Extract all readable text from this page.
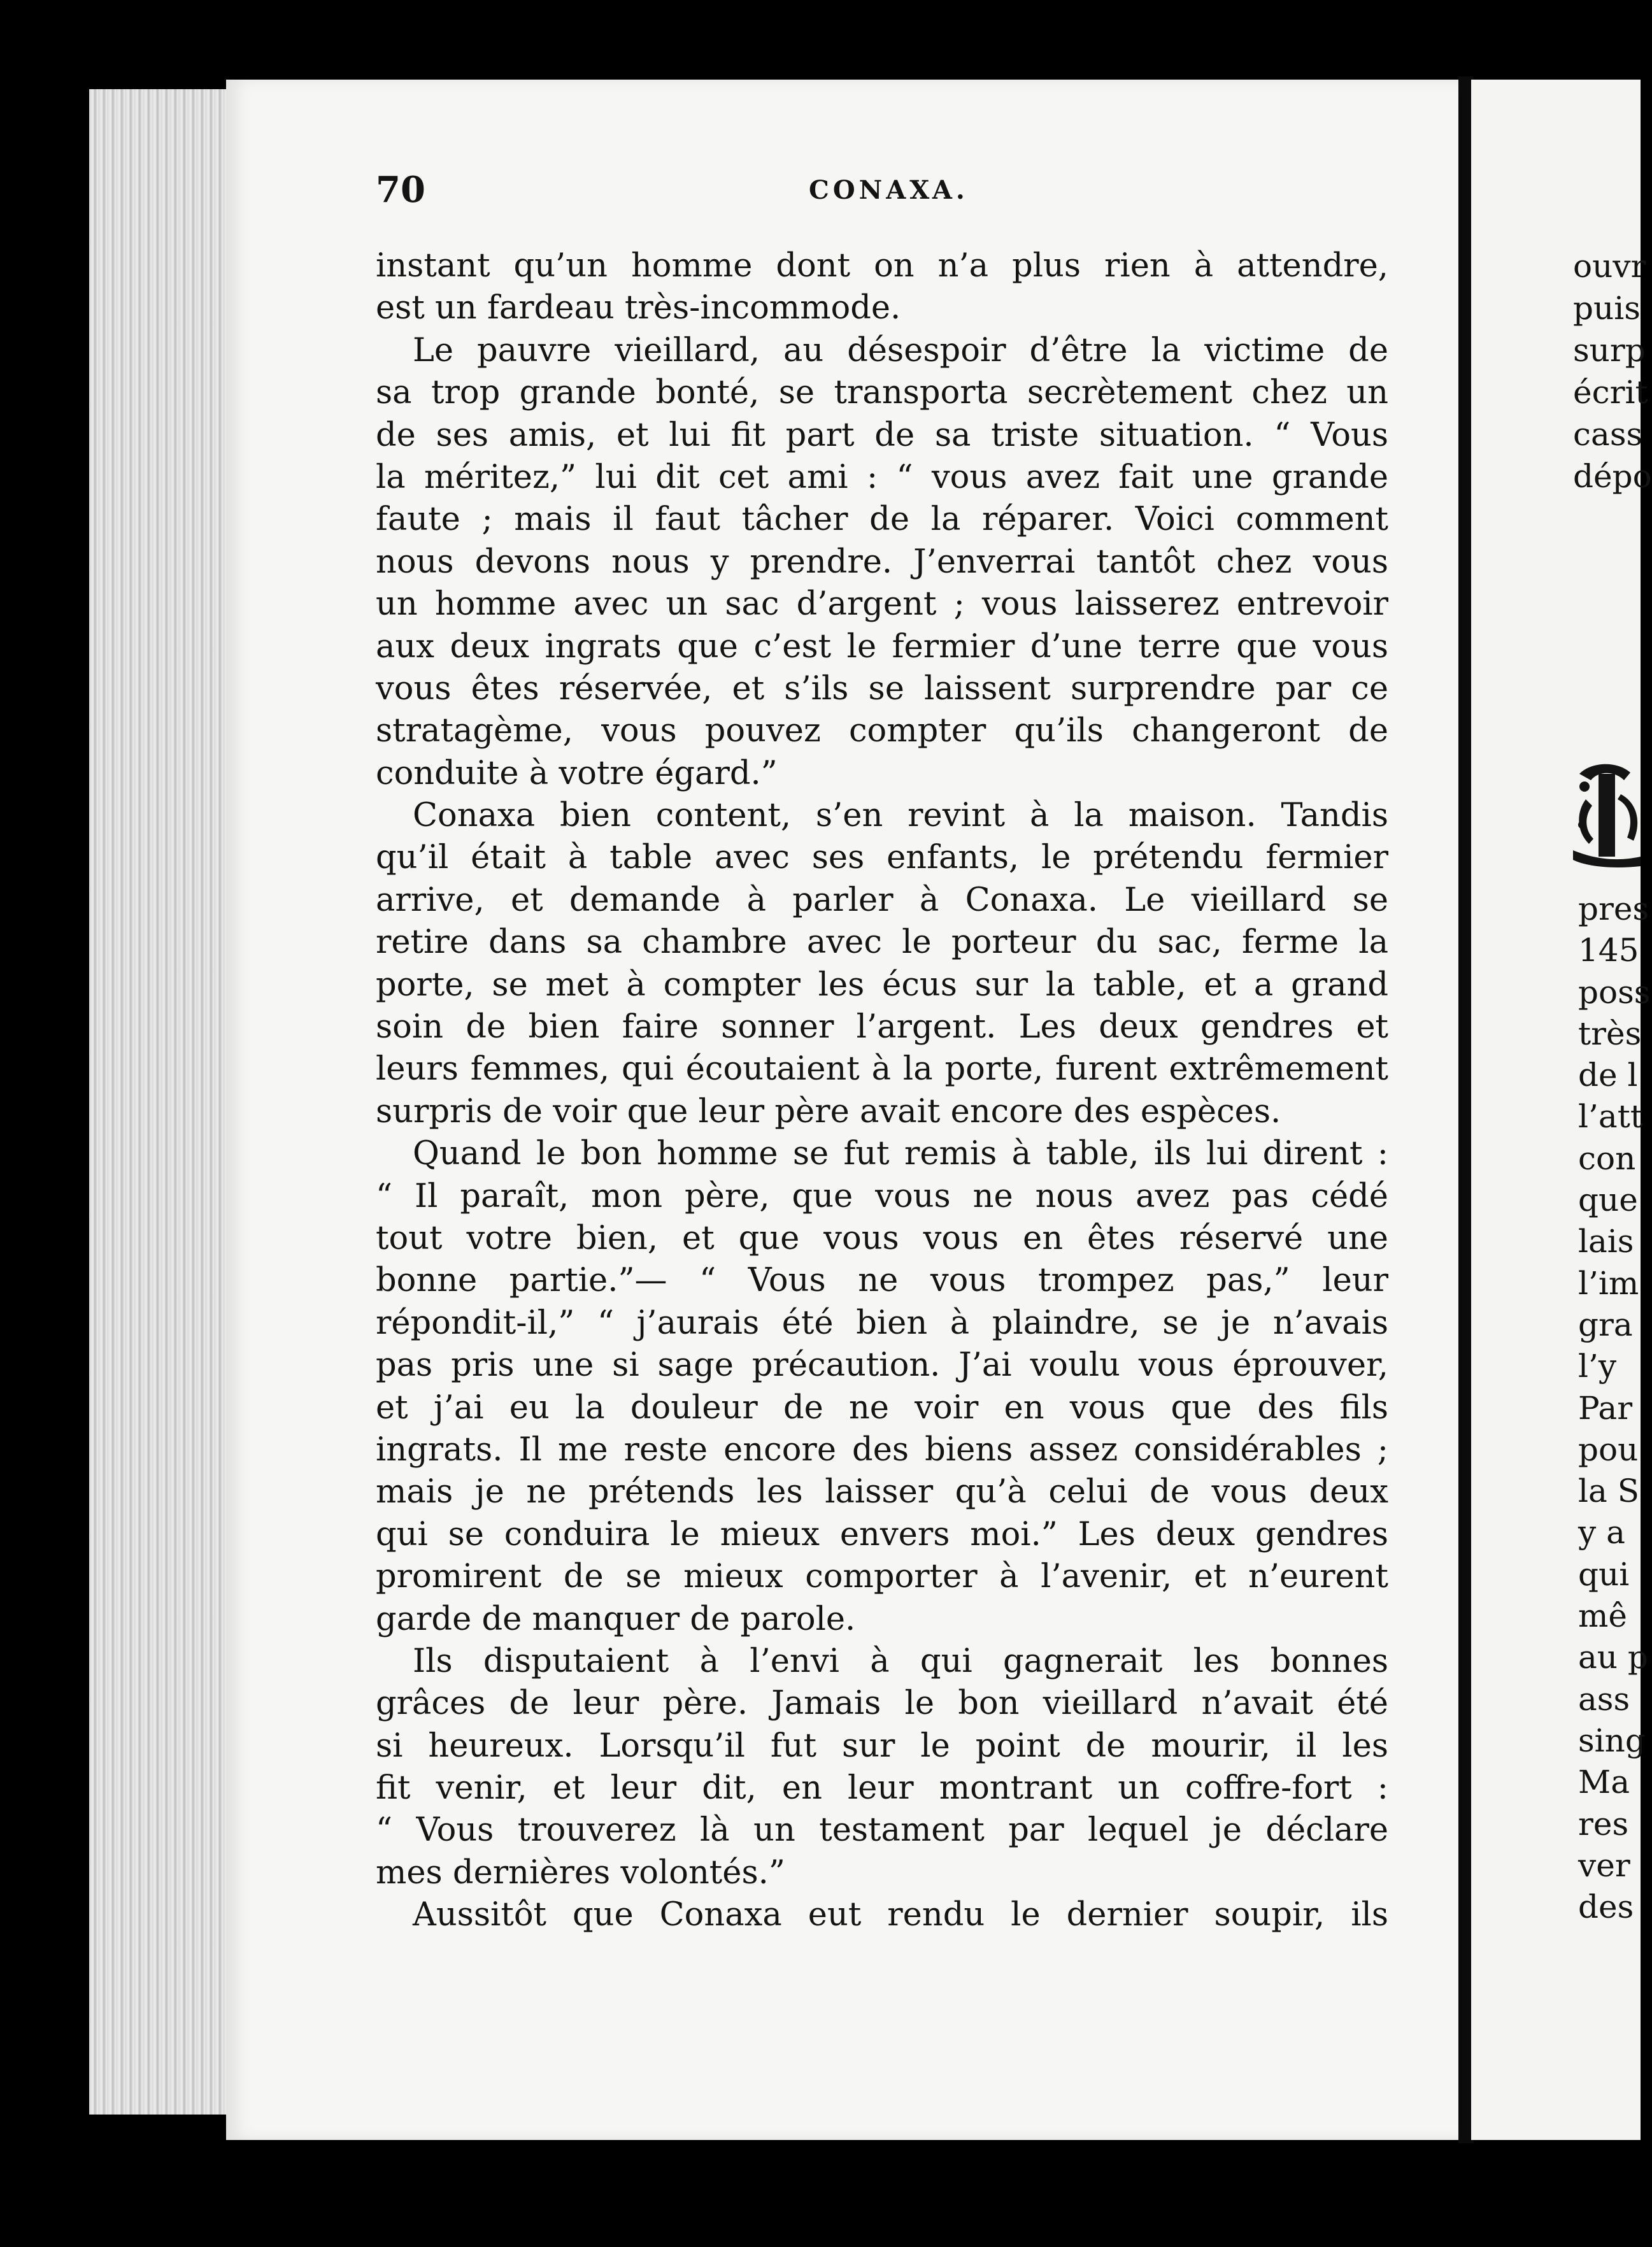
70	CONAXA.
instant qu’un homme dont on n’a plus rien à attendre,
est un fardeau très-incommode.
Le pauvre vieillard, au désespoir d’être la victime de
sa trop grande bonté, se transporta secrètement chez un
de ses amis, et lui fit part de sa triste situation. “ Vous
la méritez,” lui dit cet ami : “ vous avez fait une grande
faute ; mais il faut tâcher de la réparer. Voici comment
nous devons nous y prendre. J’enverrai tantôt chez vous
un homme avec un sac d’argent ; vous laisserez entrevoir
aux deux ingrats que c’est le fermier d’une terre que vous
vous êtes réservée, et s’ils se laissent surprendre par ce
stratagème, vous pouvez compter qu’ils changeront de
conduite à votre égard.”
Conaxa bien content, s’en revint à la maison. Tandis
qu’il était à table avec ses enfants, le prétendu fermier
arrive, et demande à parler à Conaxa. Le vieillard se
retire dans sa chambre avec le porteur du sac, ferme la
porte, se met à compter les écus sur la table, et a grand
soin de bien faire sonner l’argent. Les deux gendres et
leurs femmes, qui écoutaient à la porte, furent extrêmement
surpris de voir que leur père avait encore des espèces.
Quand le bon homme se fut remis à table, ils lui dirent :
“ Il paraît, mon père, que vous ne nous avez pas cédé
tout votre bien, et que vous vous en êtes réservé une
bonne partie.”— “ Vous ne vous trompez pas,” leur
répondit-il,” “ j’aurais été bien à plaindre, se je n’avais
pas pris une si sage précaution. J’ai voulu vous éprouver,
et j’ai eu la douleur de ne voir en vous que des fils
ingrats. Il me reste encore des biens assez considérables ;
mais je ne prétends les laisser qu’à celui de vous deux
qui se conduira le mieux envers moi.” Les deux gendres
promirent de se mieux comporter à l’avenir, et n’eurent
garde de manquer de parole.
Ils disputaient à l’envi à qui gagnerait les bonnes
grâces de leur père. Jamais le bon vieillard n’avait été
si heureux. Lorsqu’il fut sur le point de mourir, il les
fit venir, et leur dit, en leur montrant un coffre-fort :
“ Vous trouverez là un testament par lequel je déclare
mes dernières volontés.”
Aussitôt que Conaxa eut rendu le dernier soupir, ils
ouvr
puis
surp
écrit
cass
dépo
pres
145
poss
très
de l
l’att
con
que
lais
l’im
gra
l’y
Par
pou
la S
y a
qui
mê
au p
ass
sing
Ma
res
ver
des
